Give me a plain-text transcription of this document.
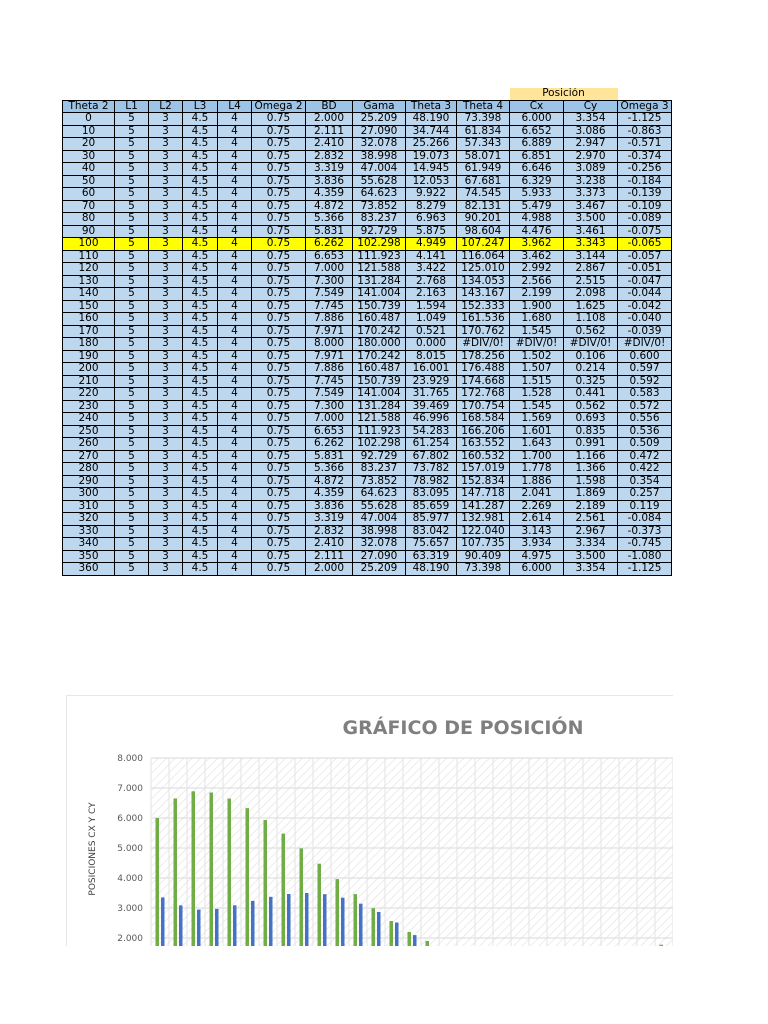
										Posición		
Theta 2	L1	L2	L3	L4	Omega 2	BD	Gama	Theta 3	Theta 4	Cx	Cy	Omega 3
0	5	3	4.5	4	0.75	2.000	25.209	48.190	73.398	6.000	3.354	-1.125
10	5	3	4.5	4	0.75	2.111	27.090	34.744	61.834	6.652	3.086	-0.863
20	5	3	4.5	4	0.75	2.410	32.078	25.266	57.343	6.889	2.947	-0.571
30	5	3	4.5	4	0.75	2.832	38.998	19.073	58.071	6.851	2.970	-0.374
40	5	3	4.5	4	0.75	3.319	47.004	14.945	61.949	6.646	3.089	-0.256
50	5	3	4.5	4	0.75	3.836	55.628	12.053	67.681	6.329	3.238	-0.184
60	5	3	4.5	4	0.75	4.359	64.623	9.922	74.545	5.933	3.373	-0.139
70	5	3	4.5	4	0.75	4.872	73.852	8.279	82.131	5.479	3.467	-0.109
80	5	3	4.5	4	0.75	5.366	83.237	6.963	90.201	4.988	3.500	-0.089
90	5	3	4.5	4	0.75	5.831	92.729	5.875	98.604	4.476	3.461	-0.075
100	5	3	4.5	4	0.75	6.262	102.298	4.949	107.247	3.962	3.343	-0.065
110	5	3	4.5	4	0.75	6.653	111.923	4.141	116.064	3.462	3.144	-0.057
120	5	3	4.5	4	0.75	7.000	121.588	3.422	125.010	2.992	2.867	-0.051
130	5	3	4.5	4	0.75	7.300	131.284	2.768	134.053	2.566	2.515	-0.047
140	5	3	4.5	4	0.75	7.549	141.004	2.163	143.167	2.199	2.098	-0.044
150	5	3	4.5	4	0.75	7.745	150.739	1.594	152.333	1.900	1.625	-0.042
160	5	3	4.5	4	0.75	7.886	160.487	1.049	161.536	1.680	1.108	-0.040
170	5	3	4.5	4	0.75	7.971	170.242	0.521	170.762	1.545	0.562	-0.039
180	5	3	4.5	4	0.75	8.000	180.000	0.000	#DIV/0!	#DIV/0!	#DIV/0!	#DIV/0!
190	5	3	4.5	4	0.75	7.971	170.242	8.015	178.256	1.502	0.106	0.600
200	5	3	4.5	4	0.75	7.886	160.487	16.001	176.488	1.507	0.214	0.597
210	5	3	4.5	4	0.75	7.745	150.739	23.929	174.668	1.515	0.325	0.592
220	5	3	4.5	4	0.75	7.549	141.004	31.765	172.768	1.528	0.441	0.583
230	5	3	4.5	4	0.75	7.300	131.284	39.469	170.754	1.545	0.562	0.572
240	5	3	4.5	4	0.75	7.000	121.588	46.996	168.584	1.569	0.693	0.556
250	5	3	4.5	4	0.75	6.653	111.923	54.283	166.206	1.601	0.835	0.536
260	5	3	4.5	4	0.75	6.262	102.298	61.254	163.552	1.643	0.991	0.509
270	5	3	4.5	4	0.75	5.831	92.729	67.802	160.532	1.700	1.166	0.472
280	5	3	4.5	4	0.75	5.366	83.237	73.782	157.019	1.778	1.366	0.422
290	5	3	4.5	4	0.75	4.872	73.852	78.982	152.834	1.886	1.598	0.354
300	5	3	4.5	4	0.75	4.359	64.623	83.095	147.718	2.041	1.869	0.257
310	5	3	4.5	4	0.75	3.836	55.628	85.659	141.287	2.269	2.189	0.119
320	5	3	4.5	4	0.75	3.319	47.004	85.977	132.981	2.614	2.561	-0.084
330	5	3	4.5	4	0.75	2.832	38.998	83.042	122.040	3.143	2.967	-0.373
340	5	3	4.5	4	0.75	2.410	32.078	75.657	107.735	3.934	3.334	-0.745
350	5	3	4.5	4	0.75	2.111	27.090	63.319	90.409	4.975	3.500	-1.080
360	5	3	4.5	4	0.75	2.000	25.209	48.190	73.398	6.000	3.354	-1.125
GRÁFICO DE POSICIÓN
POSICIONES CX Y CY
2.000
3.000
4.000
5.000
6.000
7.000
8.000
